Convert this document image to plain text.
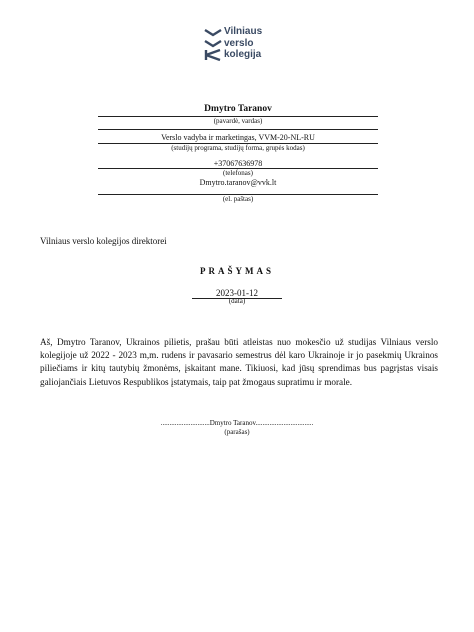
Vilniaus
verslo
kolegija
Dmytro Taranov
(pavardė, vardas)
Verslo vadyba ir marketingas, VVM-20-NL-RU
(studijų programa, studijų forma, grupės kodas)
+37067636978
(telefonas)
Dmytro.taranov@vvk.lt
(el. paštas)
Vilniaus verslo kolegijos direktorei
PRAŠYMAS
2023-01-12
(data)
Aš, Dmytro Taranov, Ukrainos pilietis, prašau būti atleistas nuo mokesčio už studijas Vilniaus verslo kolegijoje už 2022 - 2023 m,m. rudens ir pavasario semestrus dėl karo Ukrainoje ir jo pasekmių Ukrainos piliečiams ir kitų tautybių žmonėms, įskaitant mane. Tikiuosi, kad jūsų sprendimas bus pagrįstas visais galiojančiais Lietuvos Respublikos įstatymais, taip pat žmogaus supratimu ir morale.
............................Dmytro Taranov.................................
(parašas)
